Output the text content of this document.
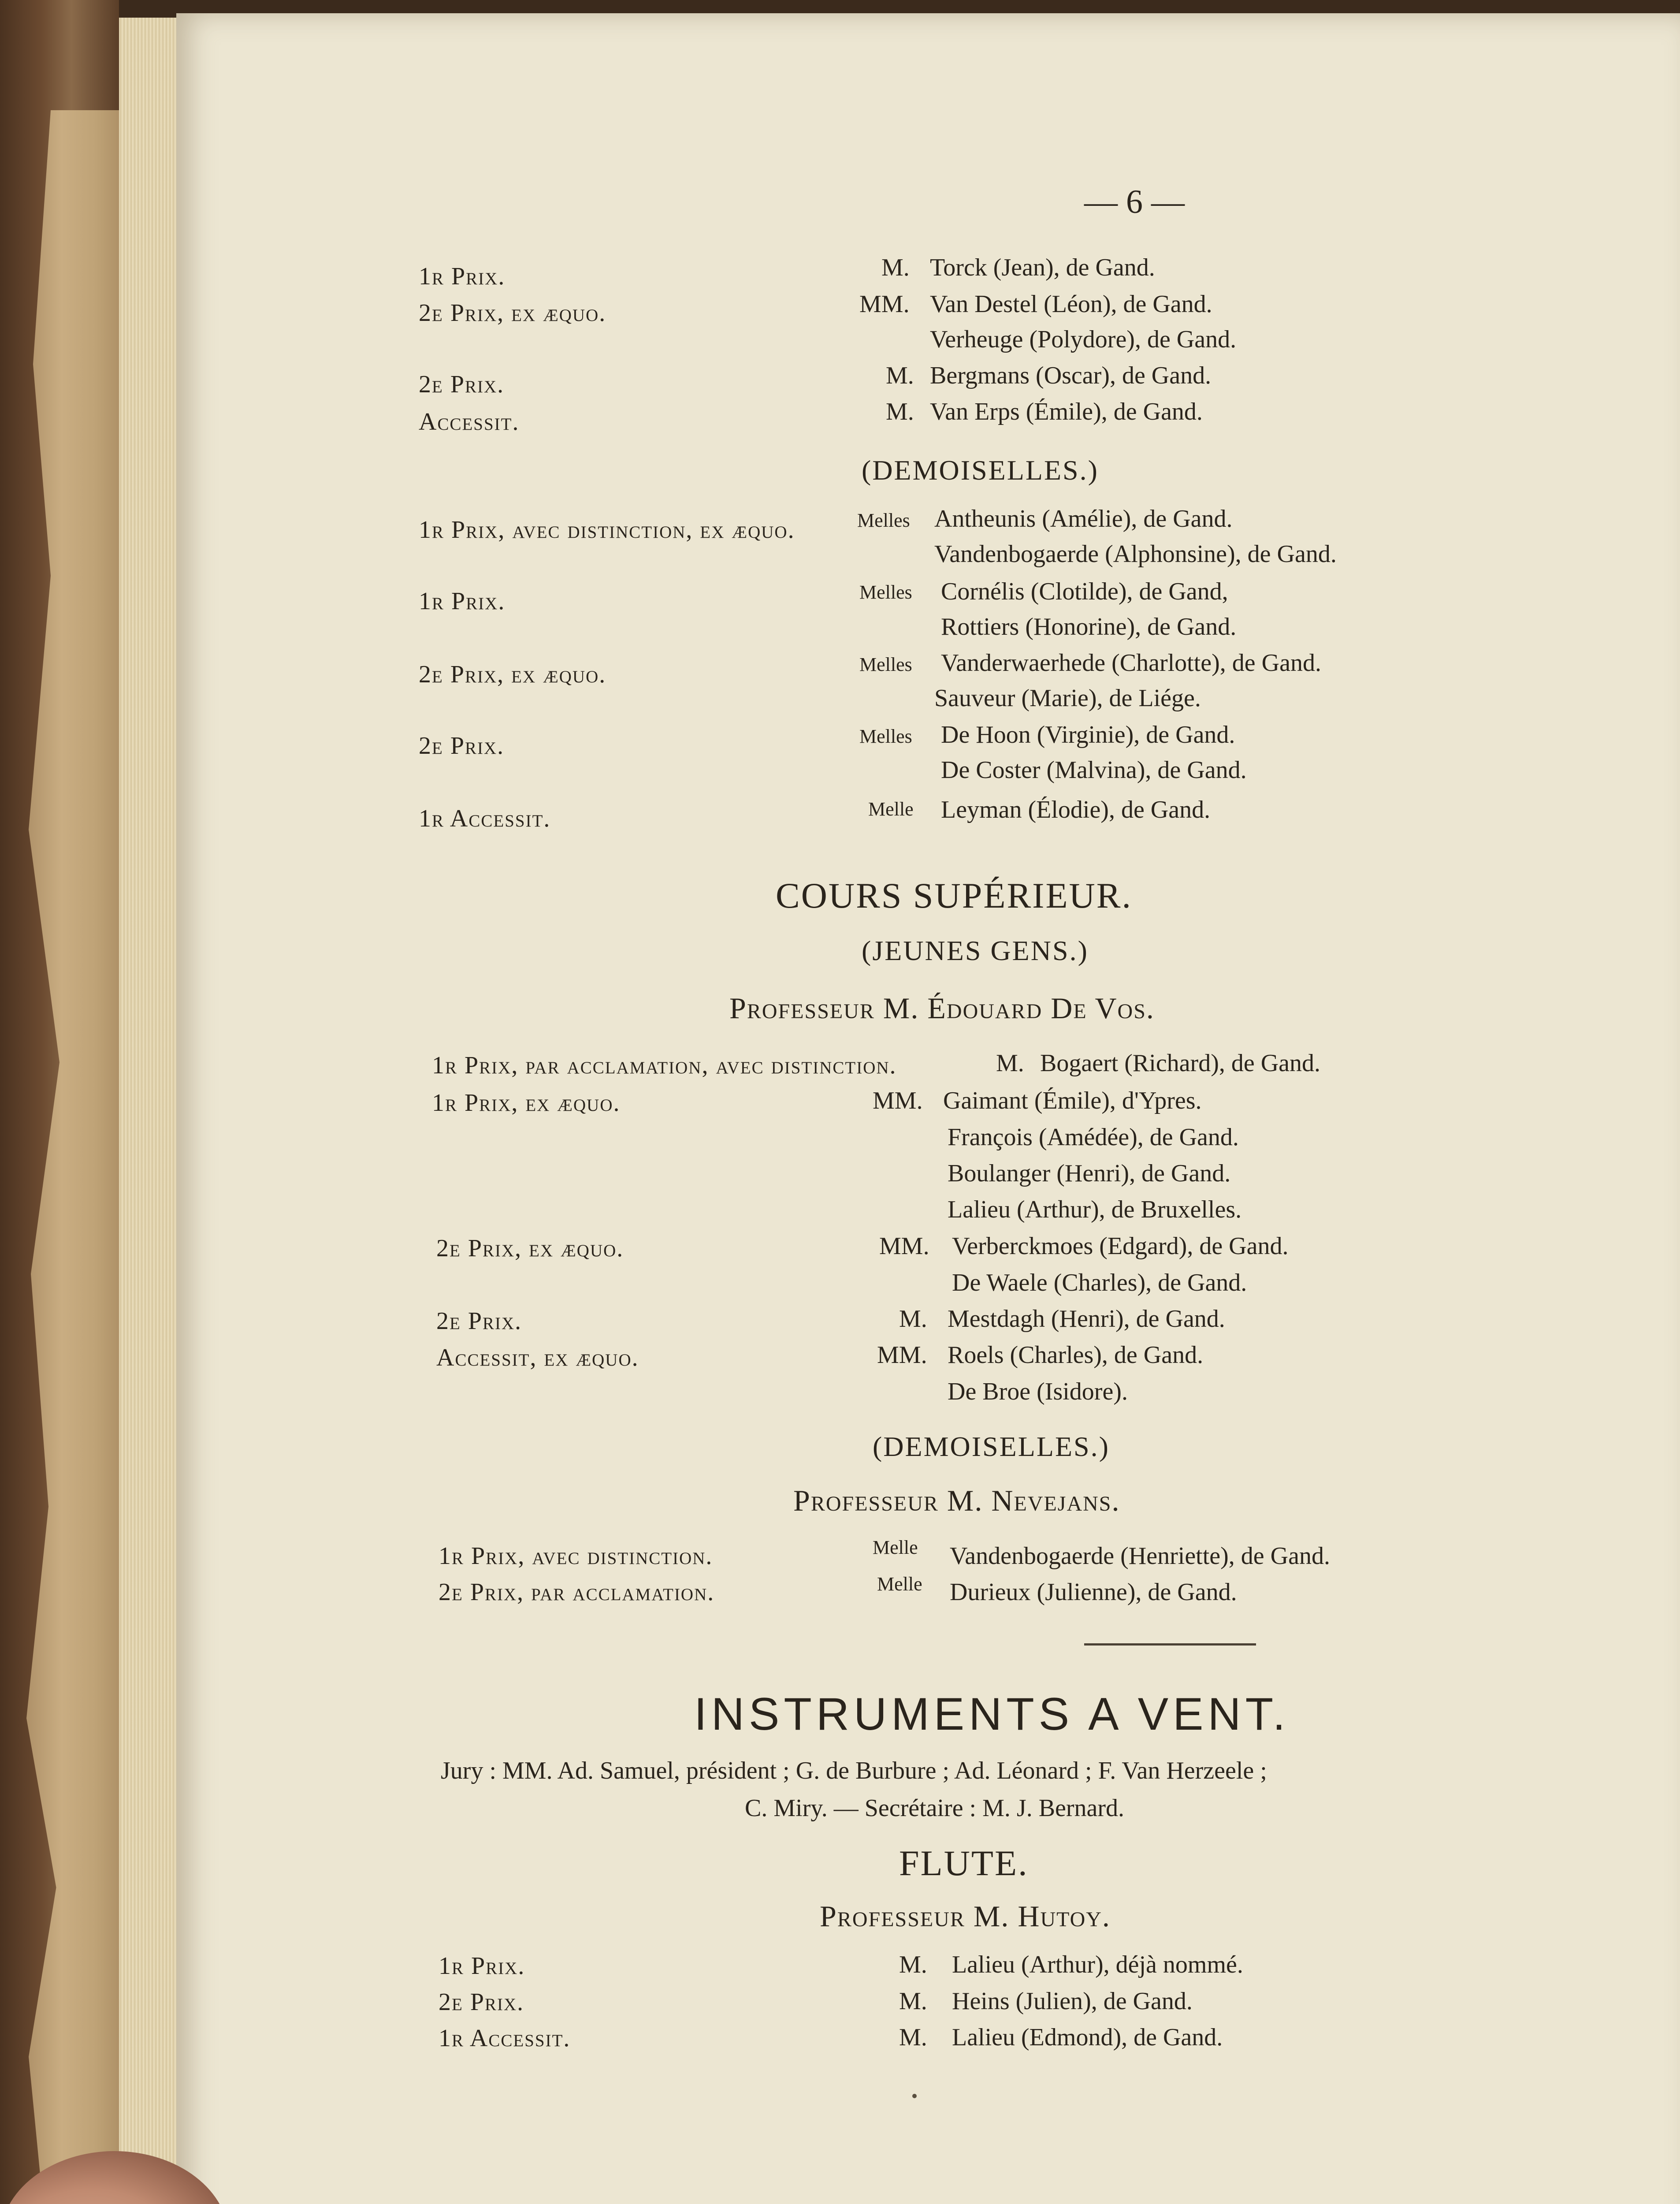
— 6 —
1r Prix.	M. Torck (Jean), de Gand.
2e Prix, ex æquo.	MM. Van Destel (Léon), de Gand.
Verheuge (Polydore), de Gand.
2e Prix.	M. Bergmans (Oscar), de Gand.
Accessit.	M. Van Erps (Émile), de Gand.
(DEMOISELLES.)
1r Prix, avec distinction, ex æquo.	Melles Antheunis (Amélie), de Gand.
Vandenbogaerde (Alphonsine), de Gand.
1r Prix.	Melles Cornélis (Clotilde), de Gand,
Rottiers (Honorine), de Gand.
2e Prix, ex æquo.	Melles Vanderwaerhede (Charlotte), de Gand.
Sauveur (Marie), de Liége.
2e Prix.	Melles De Hoon (Virginie), de Gand.
De Coster (Malvina), de Gand.
1r Accessit.	Melle Leyman (Élodie), de Gand.
COURS SUPÉRIEUR.
(JEUNES GENS.)
Professeur M. Édouard De Vos.
1r Prix, par acclamation, avec distinction.	M. Bogaert (Richard), de Gand.
1r Prix, ex æquo.	MM. Gaimant (Émile), d'Ypres.
François (Amédée), de Gand.
Boulanger (Henri), de Gand.
Lalieu (Arthur), de Bruxelles.
2e Prix, ex æquo.	MM. Verberckmoes (Edgard), de Gand.
De Waele (Charles), de Gand.
2e Prix.	M. Mestdagh (Henri), de Gand.
Accessit, ex æquo.	MM. Roels (Charles), de Gand.
De Broe (Isidore).
(DEMOISELLES.)
Professeur M. Nevejans.
1r Prix, avec distinction.	Melle Vandenbogaerde (Henriette), de Gand.
2e Prix, par acclamation.	Melle Durieux (Julienne), de Gand.
INSTRUMENTS A VENT.
Jury : MM. Ad. Samuel, président ; G. de Burbure ; Ad. Léonard ; F. Van Herzeele ;
C. Miry. — Secrétaire : M. J. Bernard.
FLUTE.
Professeur M. Hutoy.
1r Prix.	M. Lalieu (Arthur), déjà nommé.
2e Prix.	M. Heins (Julien), de Gand.
1r Accessit.	M. Lalieu (Edmond), de Gand.
